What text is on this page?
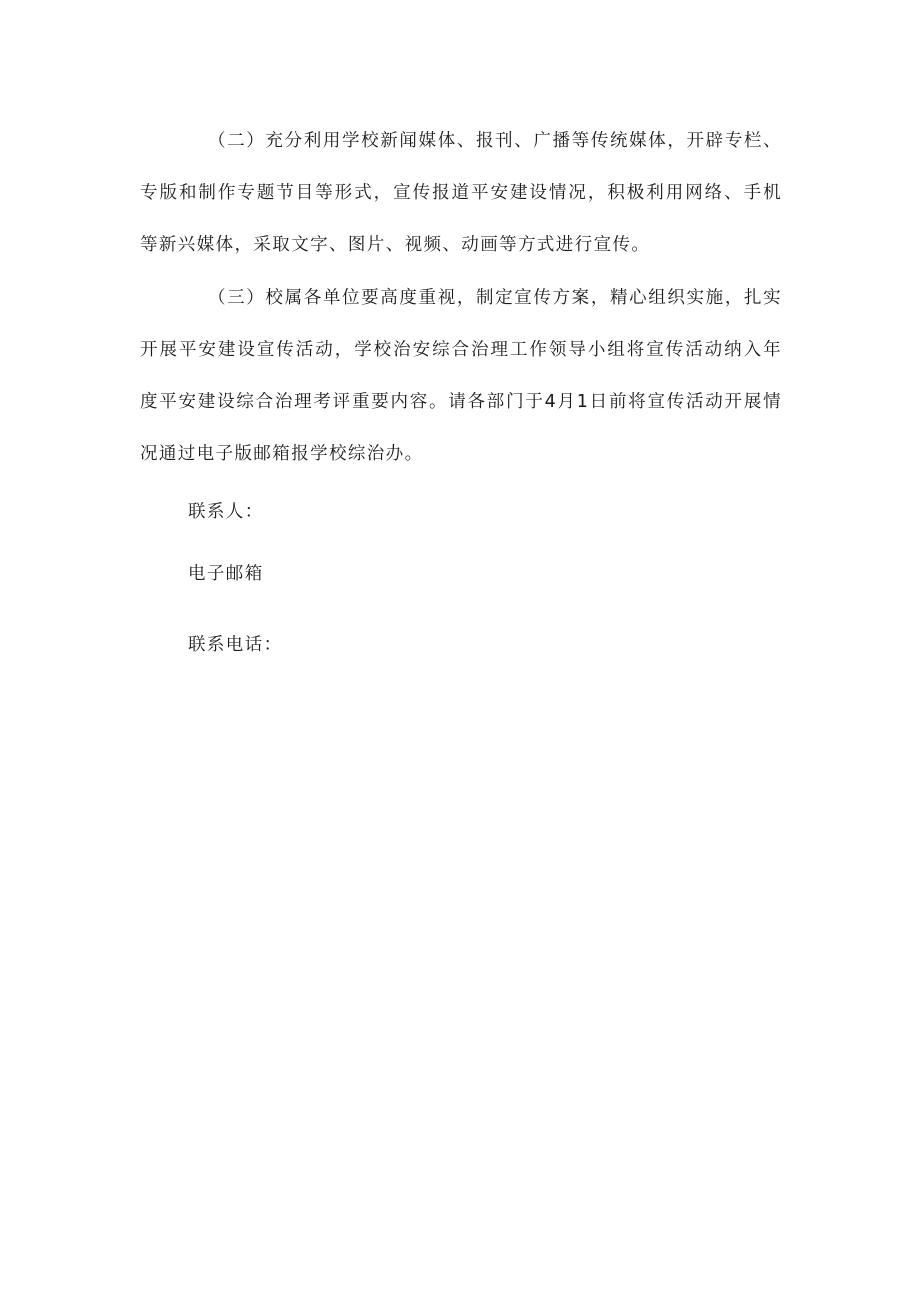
（二）充分利用学校新闻媒体、报刊、广播等传统媒体，开辟专栏、专版和制作专题节目等形式，宣传报道平安建设情况，积极利用网络、手机等新兴媒体，采取文字、图片、视频、动画等方式进行宣传。

（三）校属各单位要高度重视，制定宣传方案，精心组织实施，扎实开展平安建设宣传活动，学校治安综合治理工作领导小组将宣传活动纳入年度平安建设综合治理考评重要内容。请各部门于4月1日前将宣传活动开展情况通过电子版邮箱报学校综治办。

联系人：

电子邮箱

联系电话：
